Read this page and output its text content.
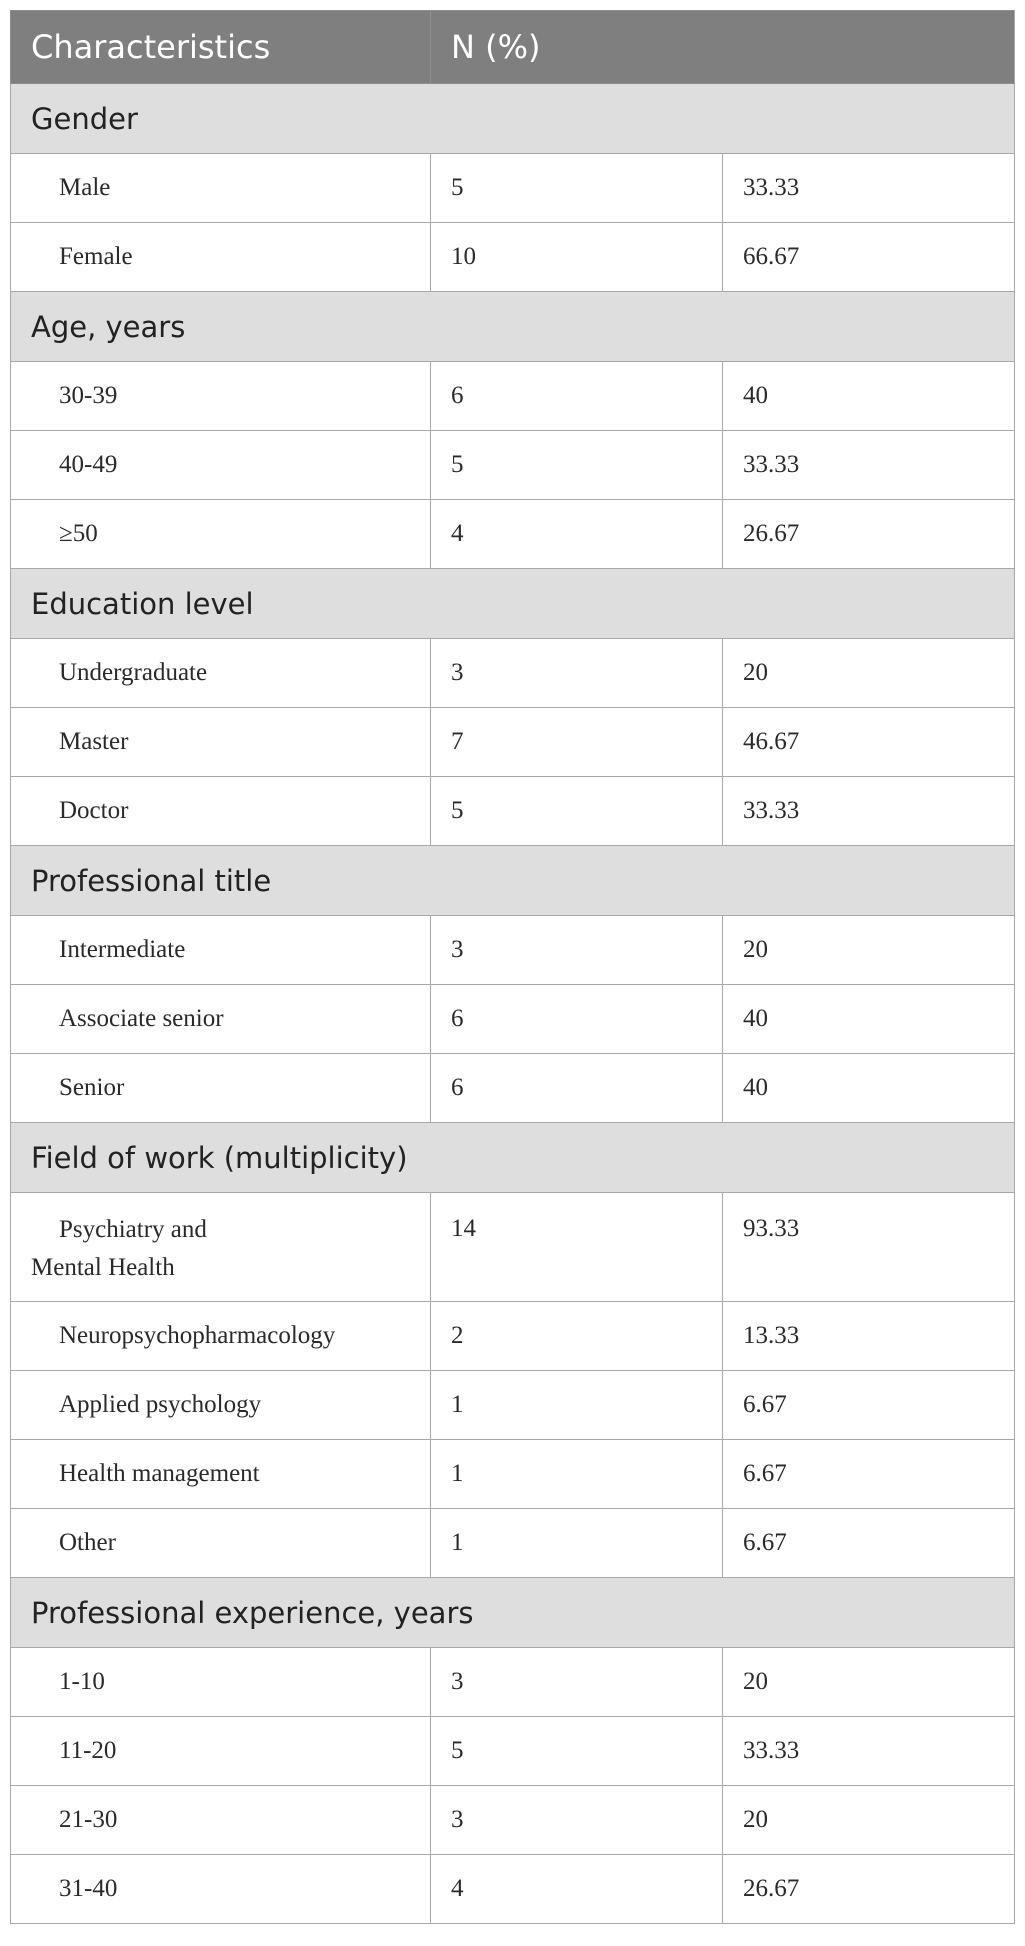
Characteristics	N (%)	
Gender		
Male	5	33.33
Female	10	66.67
Age, years		
30-39	6	40
40-49	5	33.33
≥50	4	26.67
Education level		
Undergraduate	3	20
Master	7	46.67
Doctor	5	33.33
Professional title		
Intermediate	3	20
Associate senior	6	40
Senior	6	40
Field of work (multiplicity)		
Psychiatry and
Mental Health	14	93.33
Neuropsychopharmacology	2	13.33
Applied psychology	1	6.67
Health management	1	6.67
Other	1	6.67
Professional experience, years		
1-10	3	20
11-20	5	33.33
21-30	3	20
31-40	4	26.67
